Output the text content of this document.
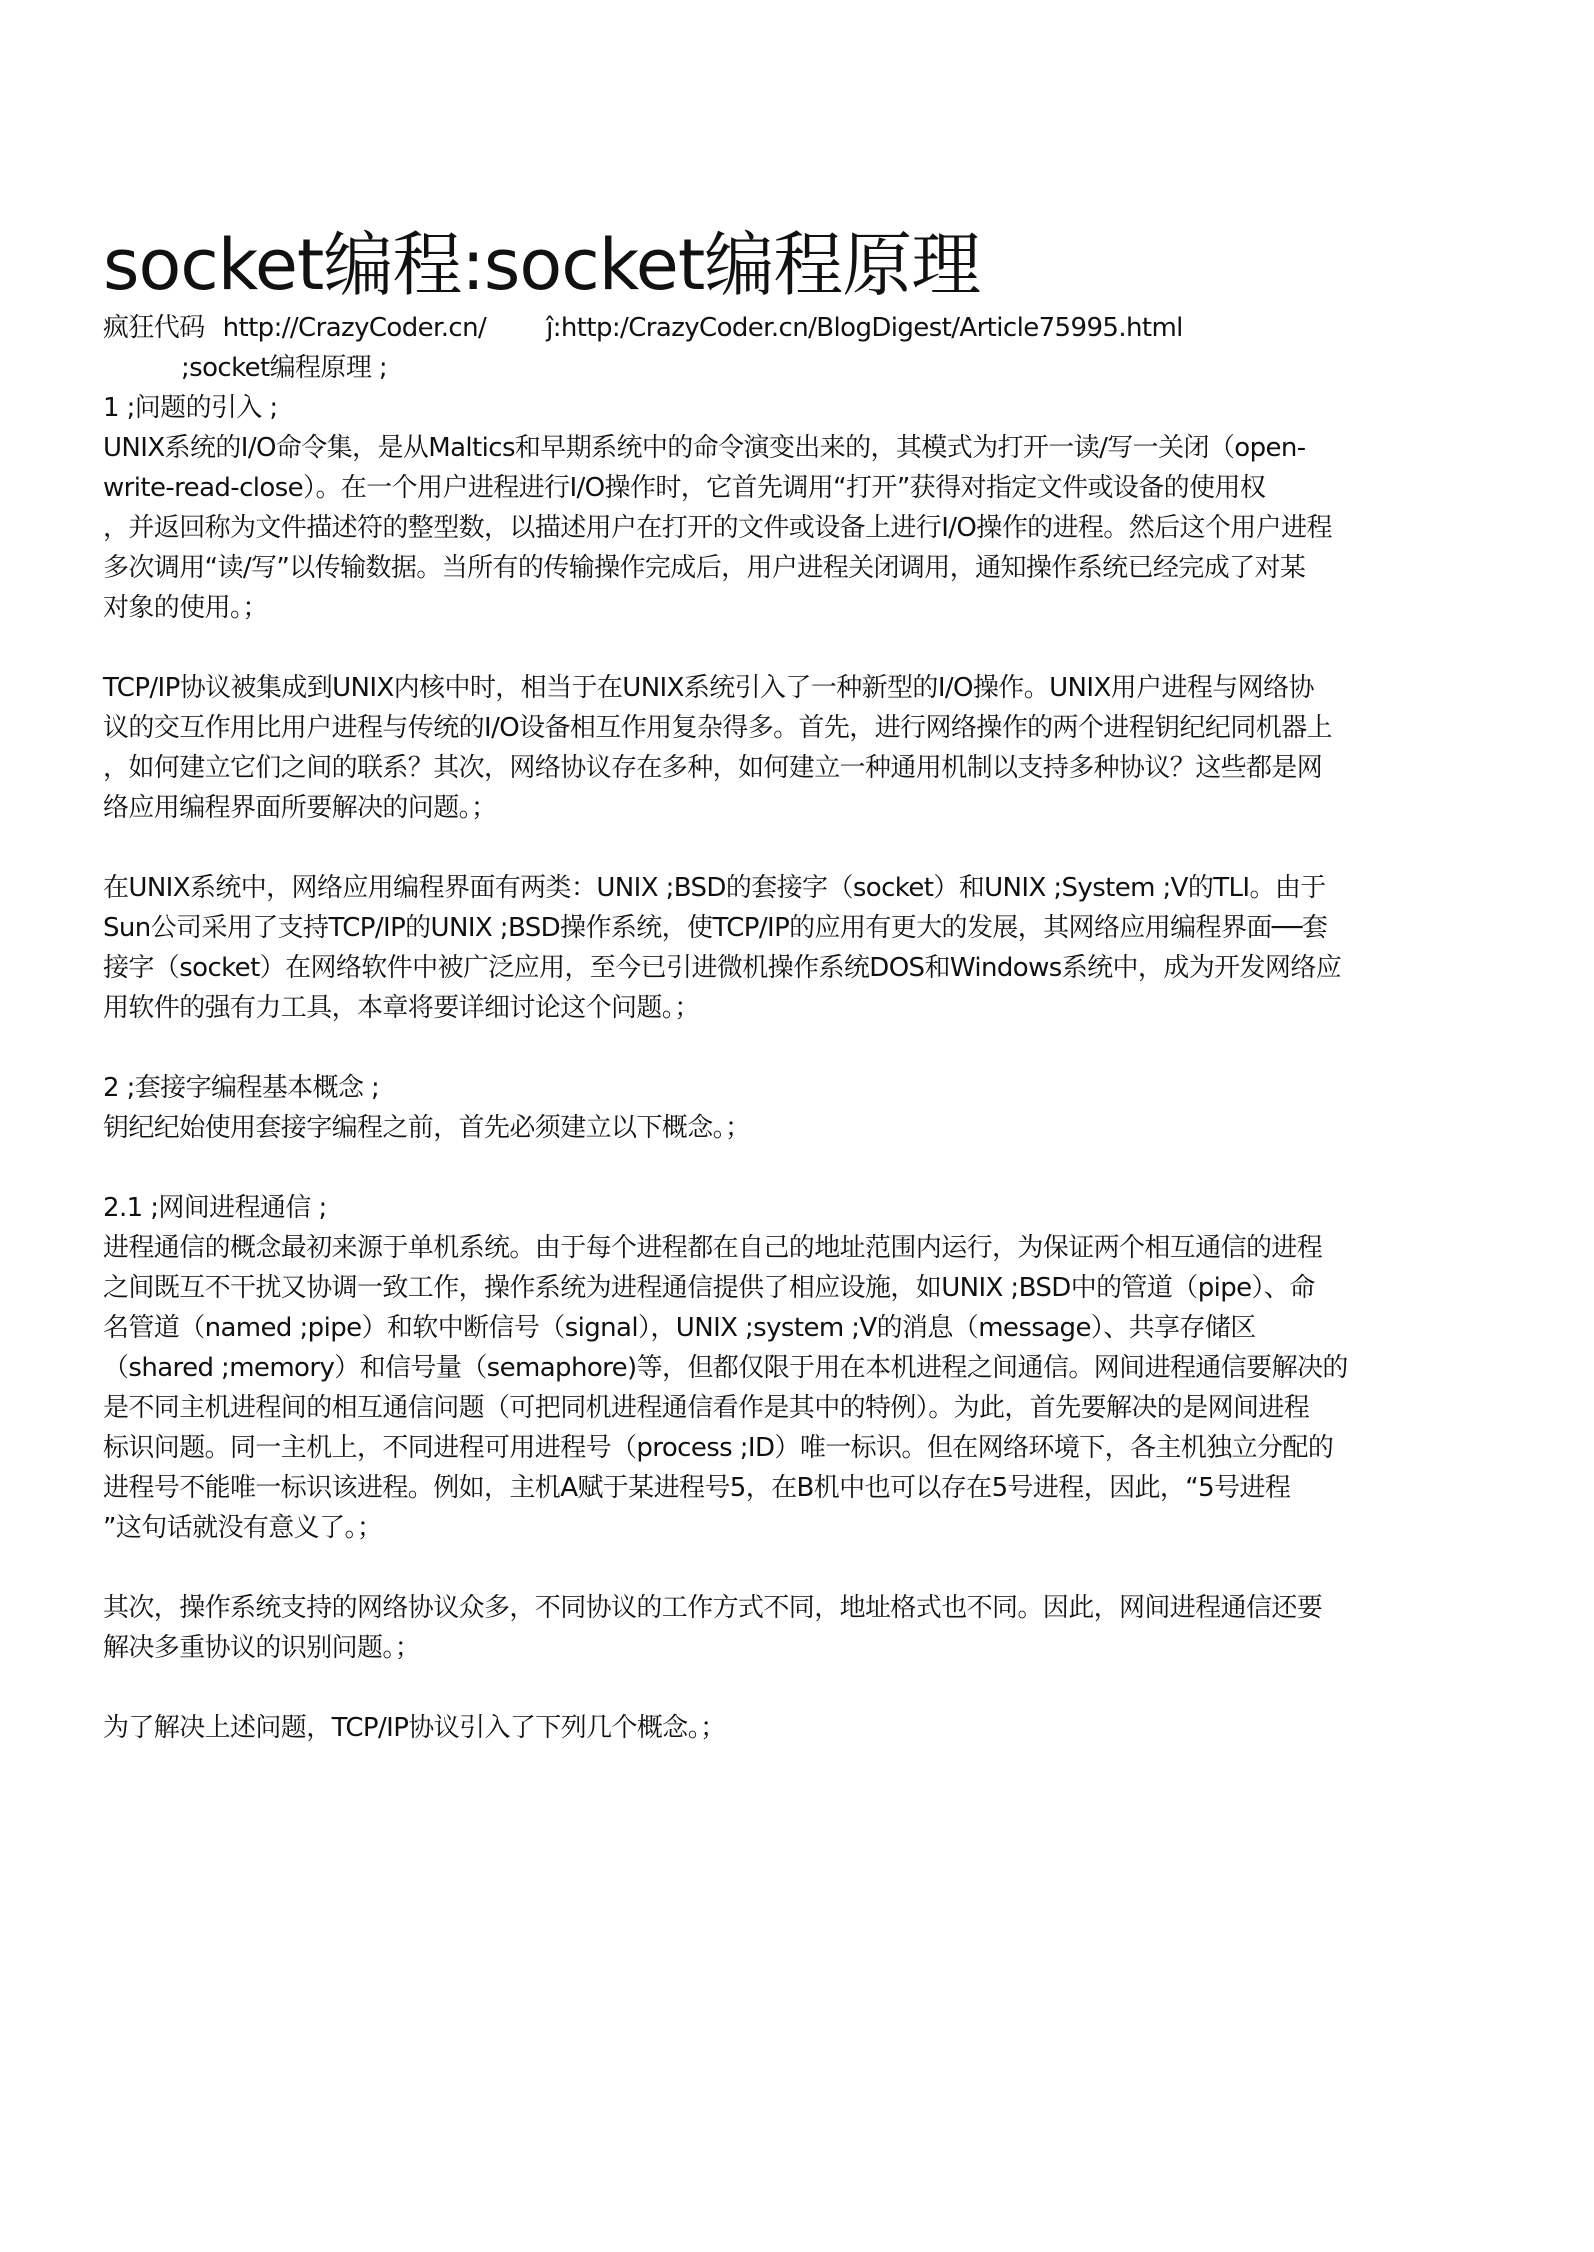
socket编程:socket编程原理
疯狂代码 http://CrazyCoder.cn/ ĵ:http:/CrazyCoder.cn/BlogDigest/Article75995.html
;socket编程原理 ;
1 ;问题的引入 ;
UNIX系统的I/O命令集，是从Maltics和早期系统中的命令演变出来的，其模式为打开一读/写一关闭（open-
write-read-close）。在一个用户进程进行I/O操作时，它首先调用“打开”获得对指定文件或设备的使用权
，并返回称为文件描述符的整型数，以描述用户在打开的文件或设备上进行I/O操作的进程。然后这个用户进程
多次调用“读/写”以传输数据。当所有的传输操作完成后，用户进程关闭调用，通知操作系统已经完成了对某
对象的使用。；
TCP/IP协议被集成到UNIX内核中时，相当于在UNIX系统引入了一种新型的I/O操作。UNIX用户进程与网络协
议的交互作用比用户进程与传统的I/O设备相互作用复杂得多。首先，进行网络操作的两个进程钥纪纪同机器上
，如何建立它们之间的联系？其次，网络协议存在多种，如何建立一种通用机制以支持多种协议？这些都是网
络应用编程界面所要解决的问题。；
在UNIX系统中，网络应用编程界面有两类：UNIX ;BSD的套接字（socket）和UNIX ;System ;V的TLI。由于
Sun公司采用了支持TCP/IP的UNIX ;BSD操作系统，使TCP/IP的应用有更大的发展，其网络应用编程界面──套
接字（socket）在网络软件中被广泛应用，至今已引进微机操作系统DOS和Windows系统中，成为开发网络应
用软件的强有力工具，本章将要详细讨论这个问题。；
2 ;套接字编程基本概念 ;
钥纪纪始使用套接字编程之前，首先必须建立以下概念。；
2.1 ;网间进程通信 ;
进程通信的概念最初来源于单机系统。由于每个进程都在自己的地址范围内运行，为保证两个相互通信的进程
之间既互不干扰又协调一致工作，操作系统为进程通信提供了相应设施，如UNIX ;BSD中的管道（pipe）、命
名管道（named ;pipe）和软中断信号（signal），UNIX ;system ;V的消息（message）、共享存储区
（shared ;memory）和信号量（semaphore)等，但都仅限于用在本机进程之间通信。网间进程通信要解决的
是不同主机进程间的相互通信问题（可把同机进程通信看作是其中的特例）。为此，首先要解决的是网间进程
标识问题。同一主机上，不同进程可用进程号（process ;ID）唯一标识。但在网络环境下，各主机独立分配的
进程号不能唯一标识该进程。例如，主机A赋于某进程号5，在B机中也可以存在5号进程，因此，“5号进程
”这句话就没有意义了。；
其次，操作系统支持的网络协议众多，不同协议的工作方式不同，地址格式也不同。因此，网间进程通信还要
解决多重协议的识别问题。；
为了解决上述问题，TCP/IP协议引入了下列几个概念。；
